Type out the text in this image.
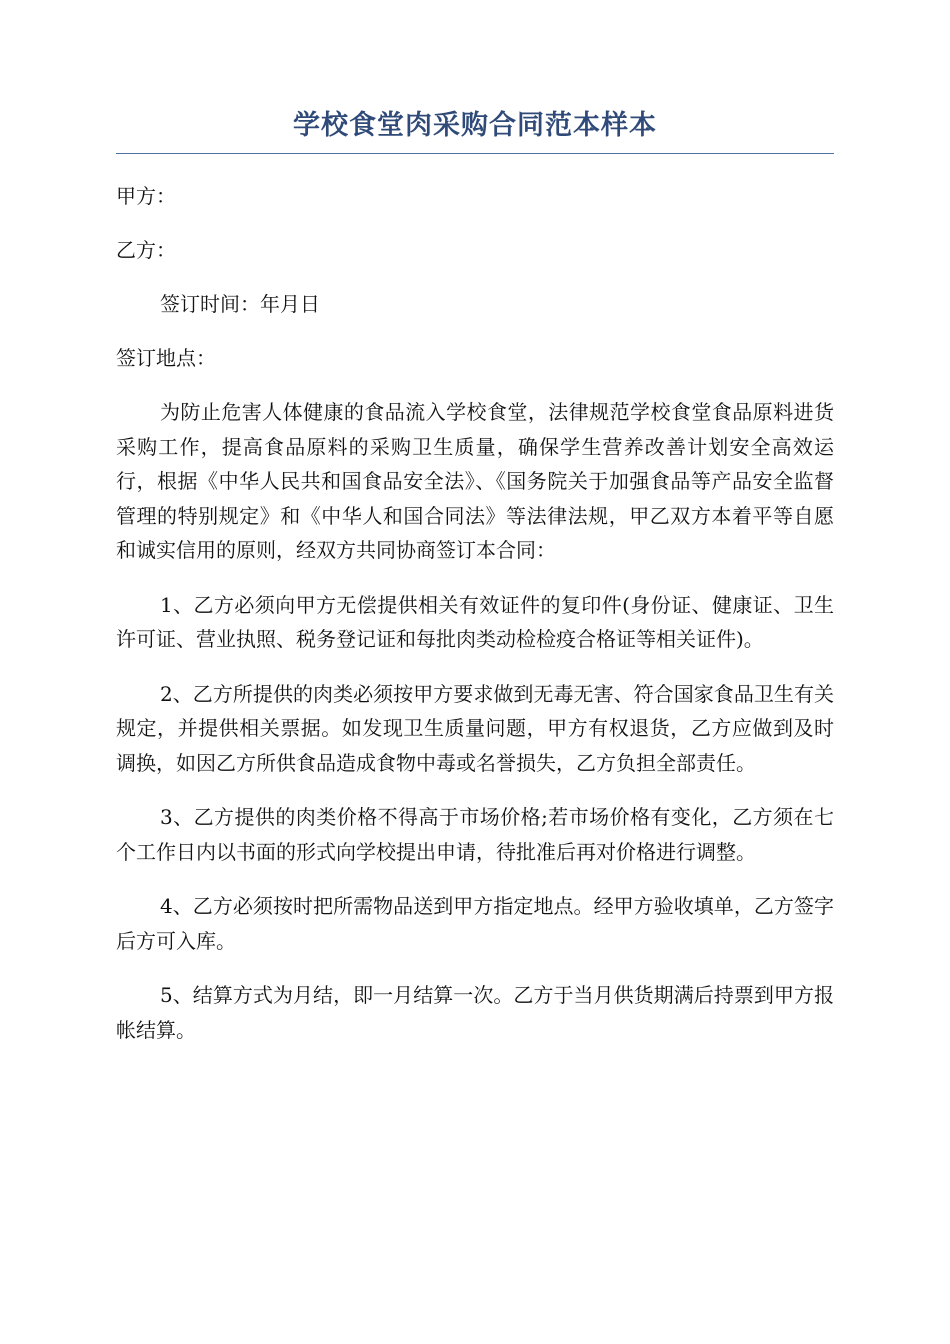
学校食堂肉采购合同范本样本

甲方：

乙方：

签订时间：年月日

签订地点：

为防止危害人体健康的食品流入学校食堂，法律规范学校食堂食品原料进货采购工作，提高食品原料的采购卫生质量，确保学生营养改善计划安全高效运行，根据《中华人民共和国食品安全法》、《国务院关于加强食品等产品安全监督管理的特别规定》和《中华人和国合同法》等法律法规，甲乙双方本着平等自愿和诚实信用的原则，经双方共同协商签订本合同：

1、乙方必须向甲方无偿提供相关有效证件的复印件(身份证、健康证、卫生许可证、营业执照、税务登记证和每批肉类动检检疫合格证等相关证件)。

2、乙方所提供的肉类必须按甲方要求做到无毒无害、符合国家食品卫生有关规定，并提供相关票据。如发现卫生质量问题，甲方有权退货，乙方应做到及时调换，如因乙方所供食品造成食物中毒或名誉损失，乙方负担全部责任。

3、乙方提供的肉类价格不得高于市场价格;若市场价格有变化，乙方须在七个工作日内以书面的形式向学校提出申请，待批准后再对价格进行调整。

4、乙方必须按时把所需物品送到甲方指定地点。经甲方验收填单，乙方签字后方可入库。

5、结算方式为月结，即一月结算一次。乙方于当月供货期满后持票到甲方报帐结算。
